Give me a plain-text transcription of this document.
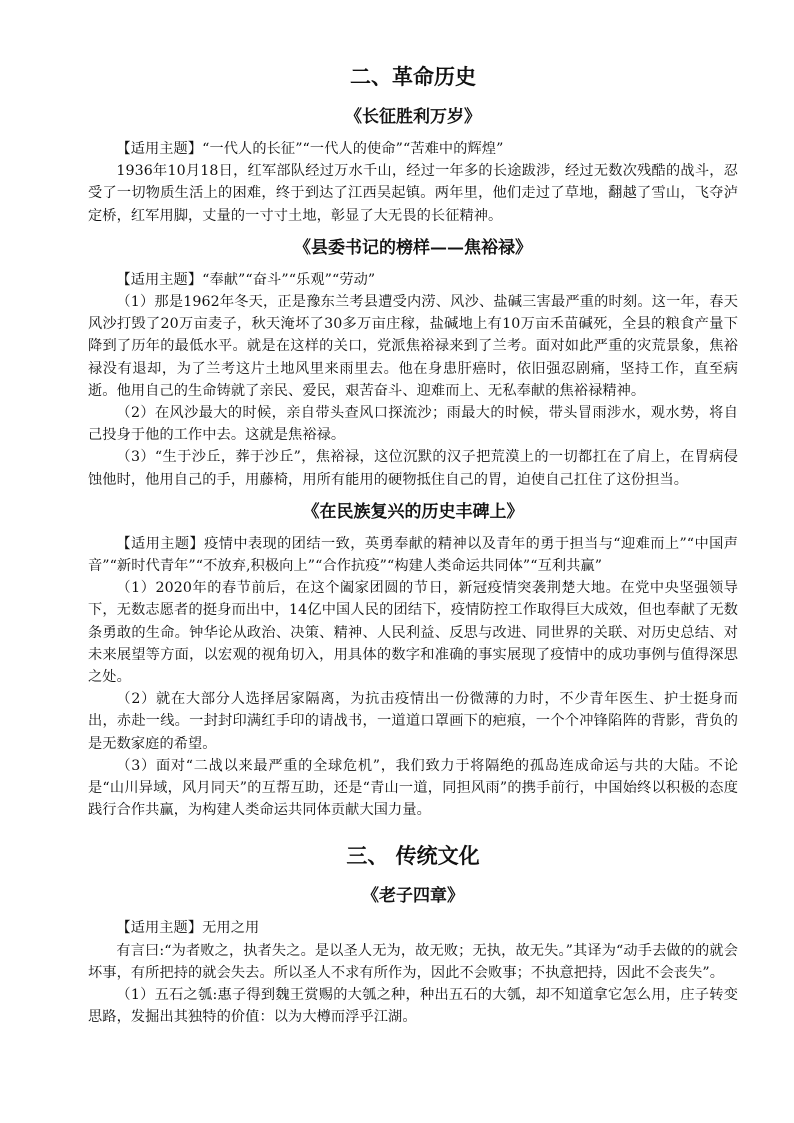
二、革命历史
《长征胜利万岁》

【适用主题】“一代人的长征”“一代人的使命”“苦难中的辉煌”

1936年10月18日，红军部队经过万水千山，经过一年多的长途跋涉，经过无数次残酷的战斗，忍受了一切物质生活上的困难，终于到达了江西吴起镇。两年里，他们走过了草地，翻越了雪山，飞夺泸定桥，红军用脚，丈量的一寸寸土地，彰显了大无畏的长征精神。

《县委书记的榜样——焦裕禄》

【适用主题】“奉献”“奋斗”“乐观”“劳动”

（1）那是1962年冬天，正是豫东兰考县遭受内涝、风沙、盐碱三害最严重的时刻。这一年，春天风沙打毁了20万亩麦子，秋天淹坏了30多万亩庄稼，盐碱地上有10万亩禾苗碱死，全县的粮食产量下降到了历年的最低水平。就是在这样的关口，党派焦裕禄来到了兰考。面对如此严重的灾荒景象，焦裕禄没有退却，为了兰考这片土地风里来雨里去。他在身患肝癌时，依旧强忍剧痛，坚持工作，直至病逝。他用自己的生命铸就了亲民、爱民，艰苦奋斗、迎难而上、无私奉献的焦裕禄精神。

（2）在风沙最大的时候，亲自带头查风口探流沙；雨最大的时候，带头冒雨涉水，观水势，将自己投身于他的工作中去。这就是焦裕禄。

（3）“生于沙丘，葬于沙丘”，焦裕禄，这位沉默的汉子把荒漠上的一切都扛在了肩上，在胃病侵蚀他时，他用自己的手，用藤椅，用所有能用的硬物抵住自己的胃，迫使自己扛住了这份担当。

《在民族复兴的历史丰碑上》

【适用主题】疫情中表现的团结一致，英勇奉献的精神以及青年的勇于担当与“迎难而上”“中国声音”“新时代青年”“不放弃,积极向上”“合作抗疫”“构建人类命运共同体”“互利共赢”

（1）2020年的春节前后，在这个阖家团圆的节日，新冠疫情突袭荆楚大地。在党中央坚强领导下，无数志愿者的挺身而出中，14亿中国人民的团结下，疫情防控工作取得巨大成效，但也奉献了无数条勇敢的生命。钟华论从政治、决策、精神、人民利益、反思与改进、同世界的关联、对历史总结、对未来展望等方面，以宏观的视角切入，用具体的数字和准确的事实展现了疫情中的成功事例与值得深思之处。

（2）就在大部分人选择居家隔离，为抗击疫情出一份微薄的力时，不少青年医生、护士挺身而出，赤赴一线。一封封印满红手印的请战书，一道道口罩画下的疤痕，一个个冲锋陷阵的背影，背负的是无数家庭的希望。

（3）面对“二战以来最严重的全球危机”，我们致力于将隔绝的孤岛连成命运与共的大陆。不论是“山川异域，风月同天”的互帮互助，还是“青山一道，同担风雨”的携手前行，中国始终以积极的态度践行合作共赢，为构建人类命运共同体贡献大国力量。

三、 传统文化
《老子四章》

【适用主题】无用之用

有言曰:“为者败之，执者失之。是以圣人无为，故无败；无执，故无失。”其译为“动手去做的的就会坏事，有所把持的就会失去。所以圣人不求有所作为，因此不会败事；不执意把持，因此不会丧失”。

（1）五石之瓠:惠子得到魏王赏赐的大瓠之种，种出五石的大瓠，却不知道拿它怎么用，庄子转变思路，发掘出其独特的价值：以为大樽而浮乎江湖。
